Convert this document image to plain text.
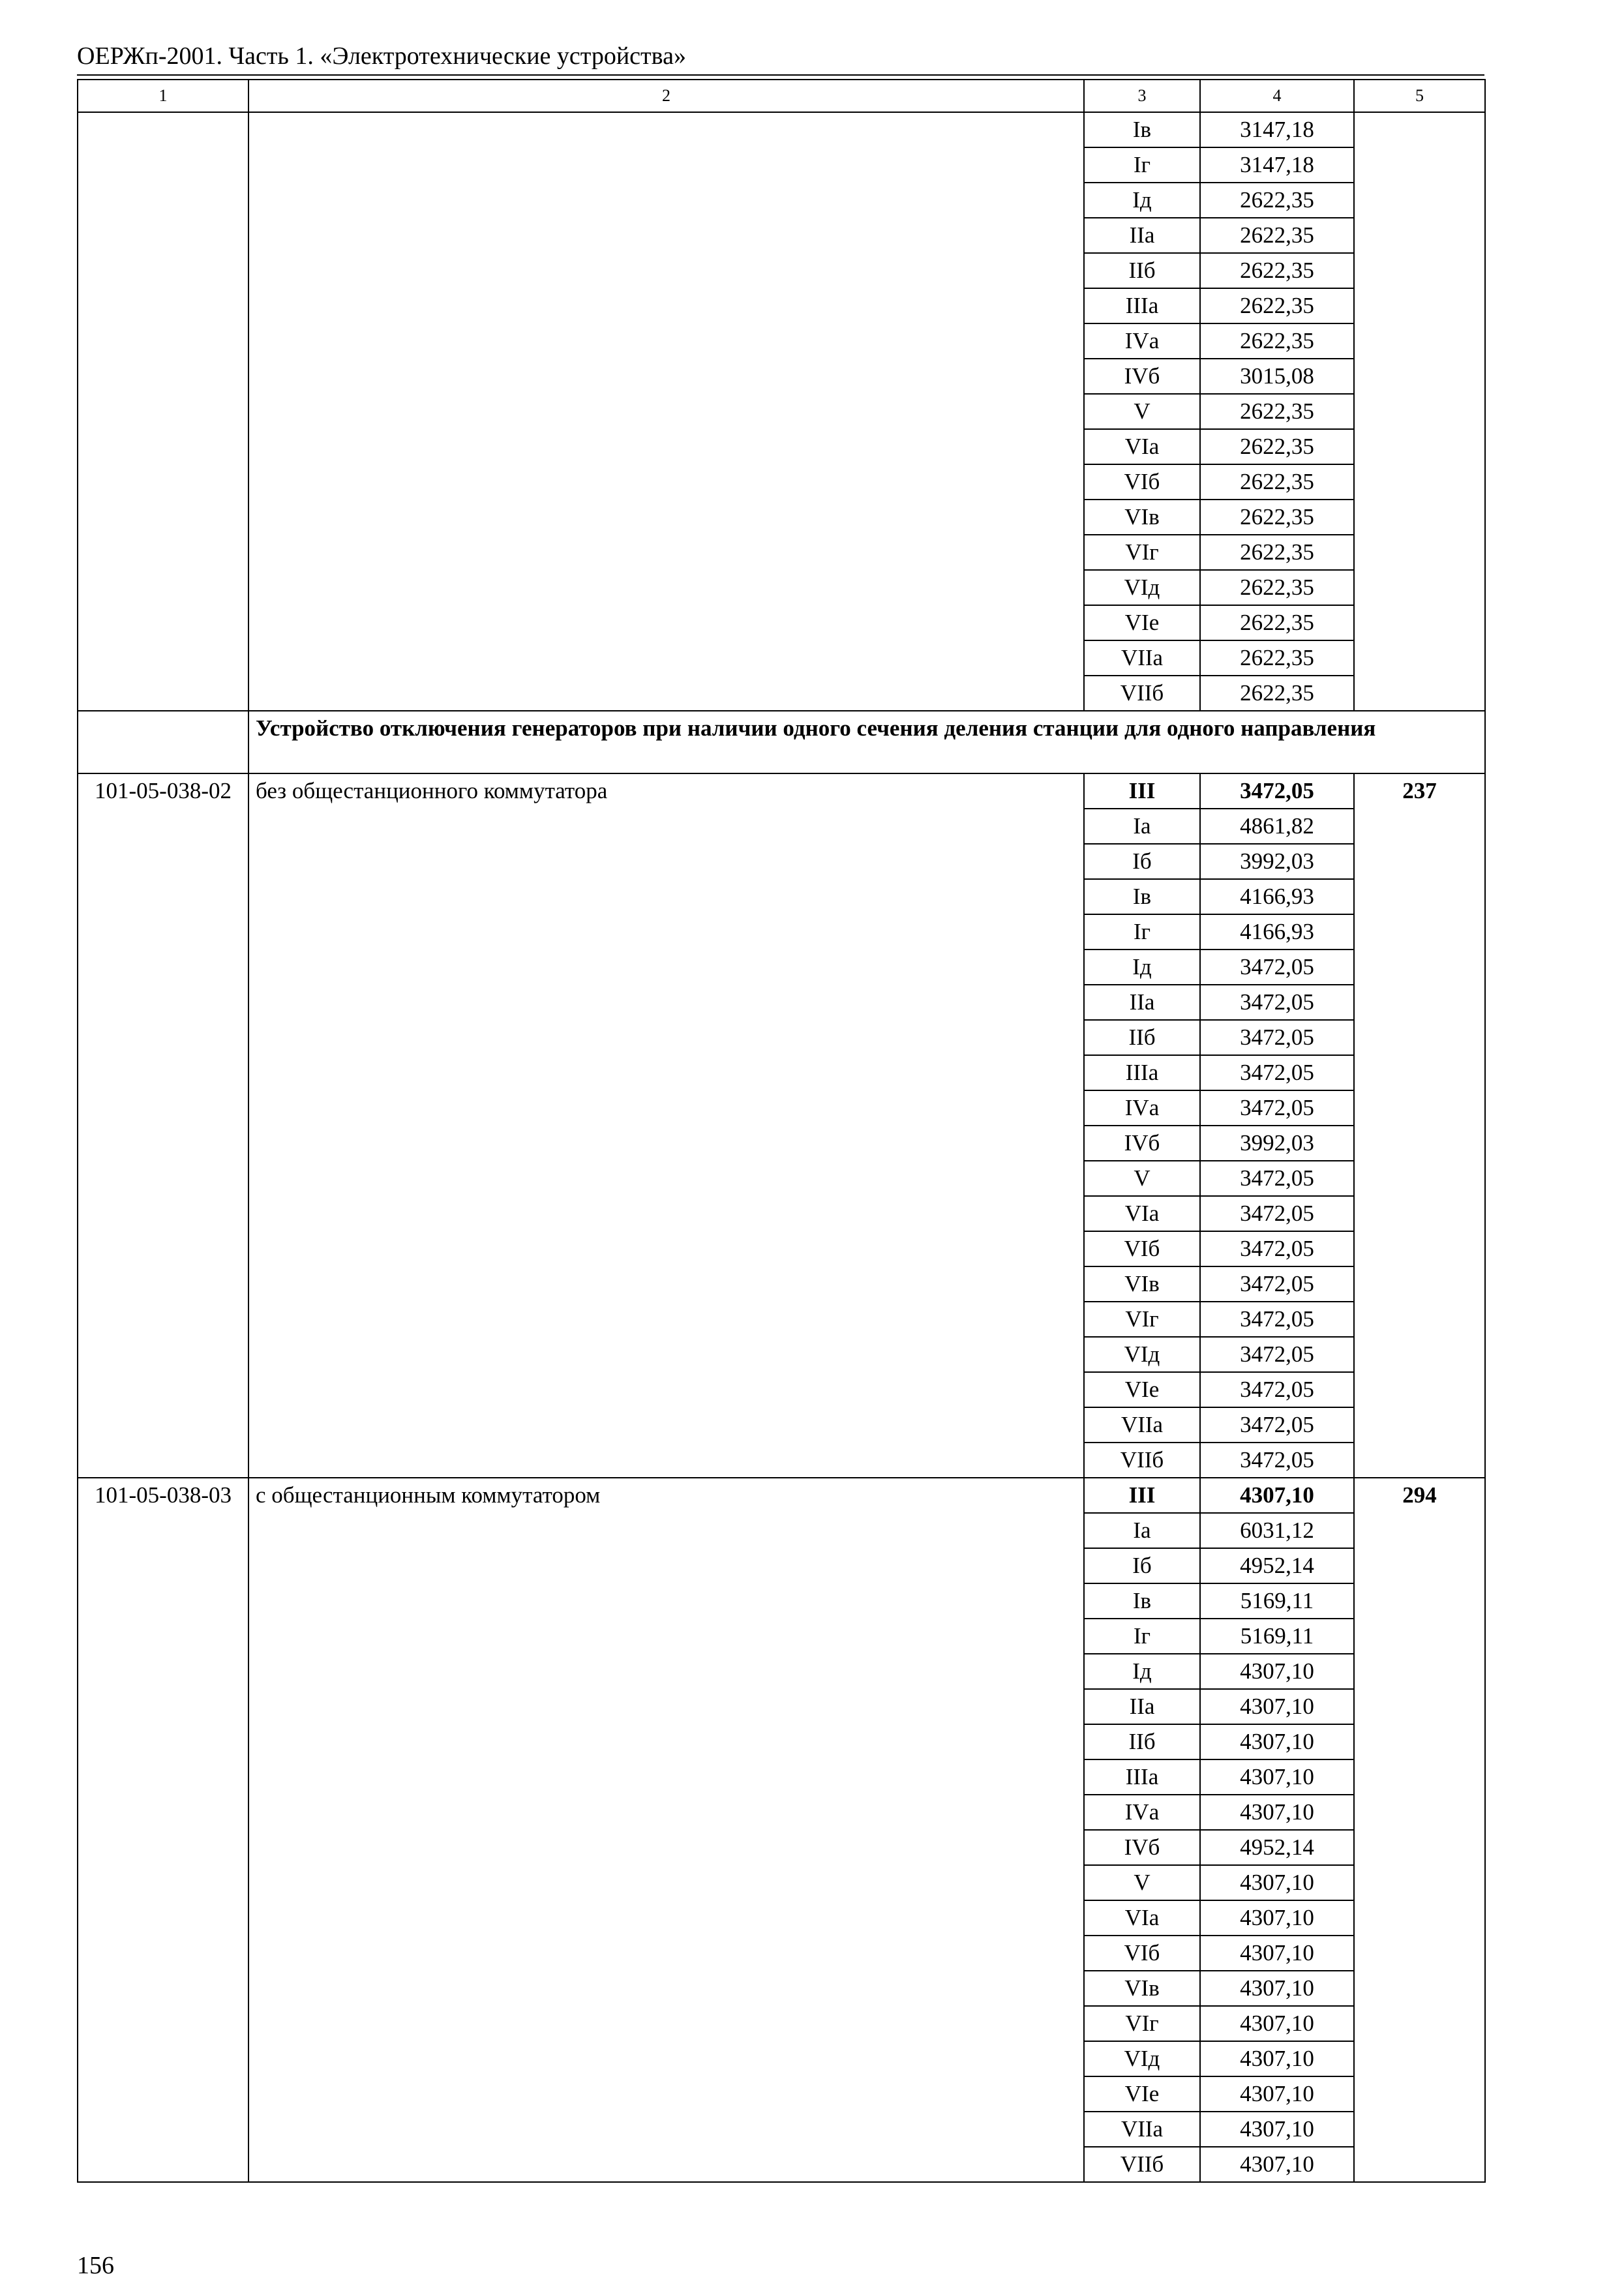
ОЕРЖп-2001. Часть 1. «Электротехнические устройства»
1	2	3	4	5
		Iв	3147,18	
		Iг	3147,18	
		Iд	2622,35	
		IIа	2622,35	
		IIб	2622,35	
		IIIа	2622,35	
		IVа	2622,35	
		IVб	3015,08	
		V	2622,35	
		VIа	2622,35	
		VIб	2622,35	
		VIв	2622,35	
		VIг	2622,35	
		VIд	2622,35	
		VIе	2622,35	
		VIIа	2622,35	
		VIIб	2622,35	
	Устройство отключения генераторов при наличии одного сечения деления станции для одного направления			
101-05-038-02	без общестанционного коммутатора	III	3472,05	237
		Iа	4861,82	
		Iб	3992,03	
		Iв	4166,93	
		Iг	4166,93	
		Iд	3472,05	
		IIа	3472,05	
		IIб	3472,05	
		IIIа	3472,05	
		IVа	3472,05	
		IVб	3992,03	
		V	3472,05	
		VIа	3472,05	
		VIб	3472,05	
		VIв	3472,05	
		VIг	3472,05	
		VIд	3472,05	
		VIе	3472,05	
		VIIа	3472,05	
		VIIб	3472,05	
101-05-038-03	с общестанционным коммутатором	III	4307,10	294
		Iа	6031,12	
		Iб	4952,14	
		Iв	5169,11	
		Iг	5169,11	
		Iд	4307,10	
		IIа	4307,10	
		IIб	4307,10	
		IIIа	4307,10	
		IVа	4307,10	
		IVб	4952,14	
		V	4307,10	
		VIа	4307,10	
		VIб	4307,10	
		VIв	4307,10	
		VIг	4307,10	
		VIд	4307,10	
		VIе	4307,10	
		VIIа	4307,10	
		VIIб	4307,10	
156
